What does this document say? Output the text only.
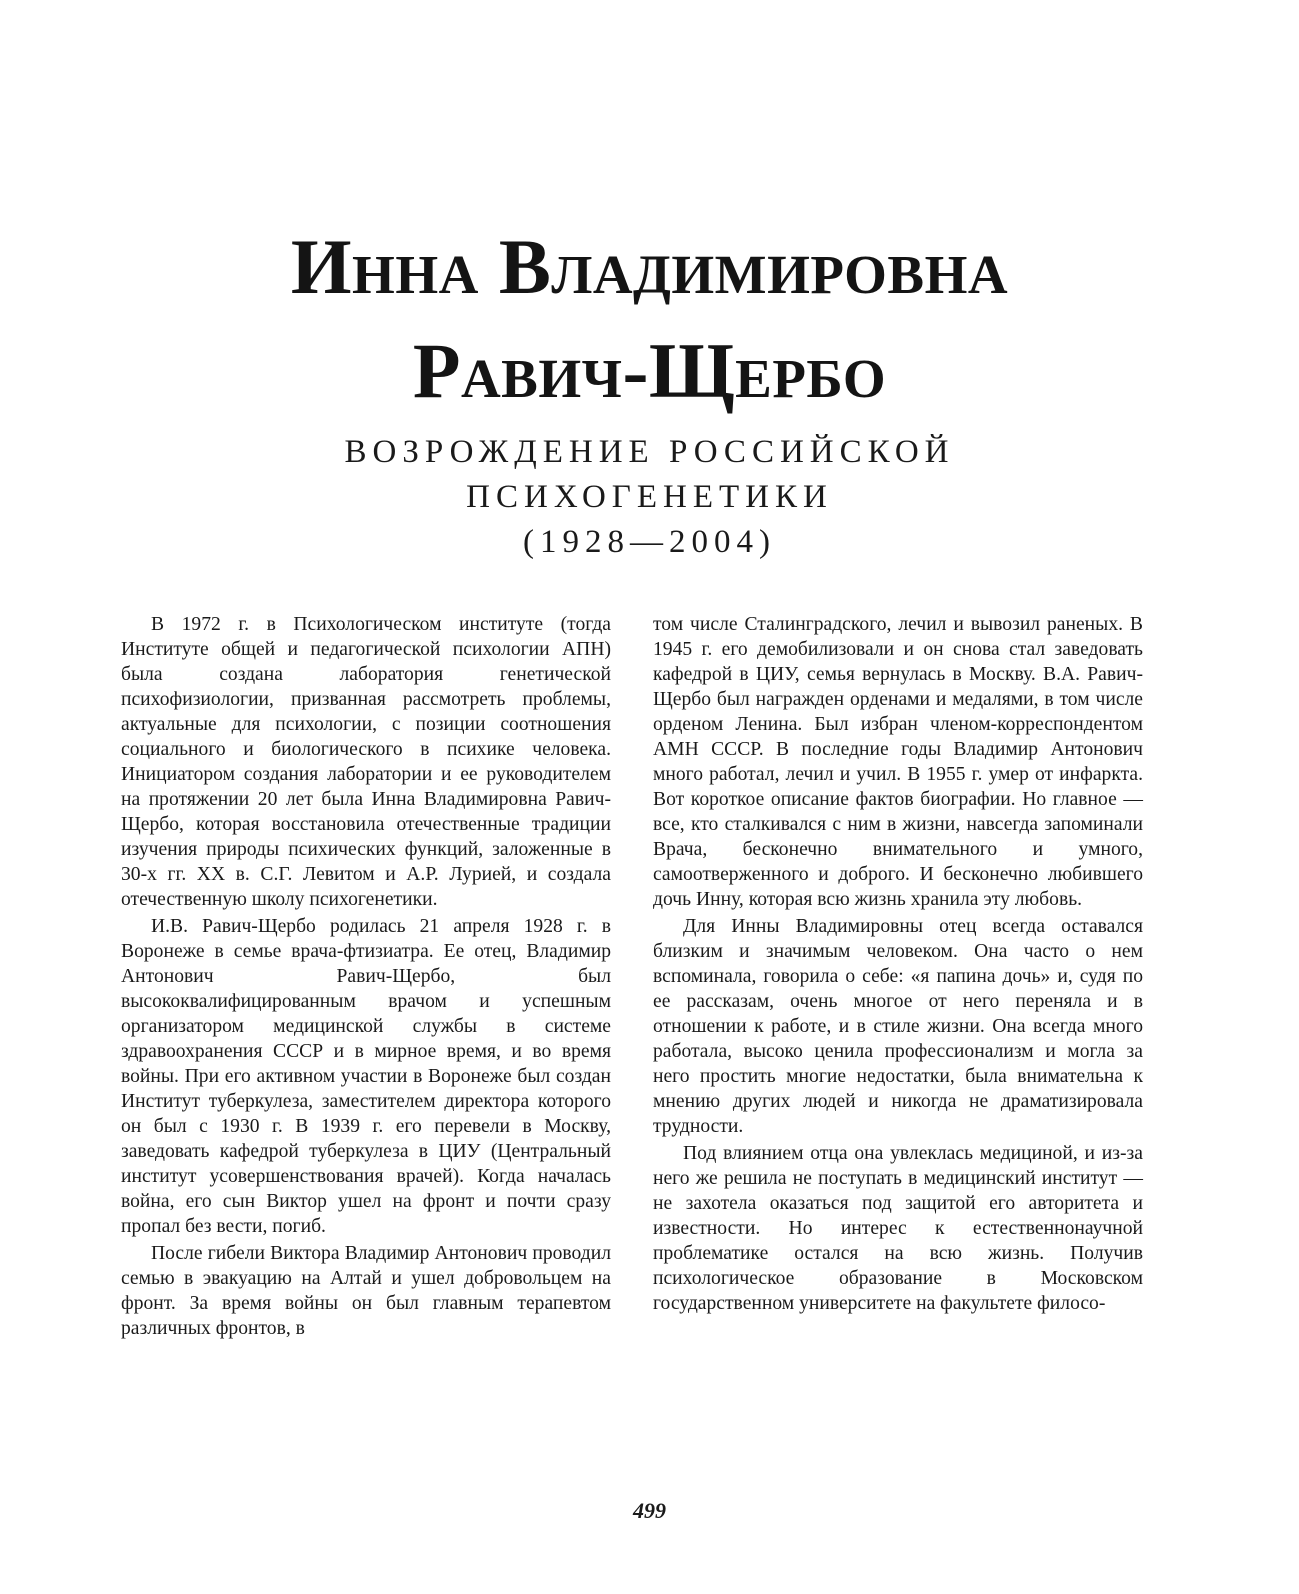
Инна Владимировна
Равич-Щербо
ВОЗРОЖДЕНИЕ РОССИЙСКОЙ
ПСИХОГЕНЕТИКИ
(1928—2004)

В 1972 г. в Психологическом институте (тогда Институте общей и педагогической психологии АПН) была создана лаборатория генетической психофизиологии, призванная рассмотреть проблемы, актуальные для психологии, с позиции соотношения социального и биологического в психике человека. Инициатором создания лаборатории и ее руководителем на протяжении 20 лет была Инна Владимировна Равич-Щербо, которая восстановила отечественные традиции изучения природы психических функций, заложенные в 30-х гг. XX в. С.Г. Левитом и А.Р. Лурией, и создала отечественную школу психогенетики.

И.В. Равич-Щербо родилась 21 апреля 1928 г. в Воронеже в семье врача-фтизиатра. Ее отец, Владимир Антонович Равич-Щербо, был высококвалифицированным врачом и успешным организатором медицинской службы в системе здравоохранения СССР и в мирное время, и во время войны. При его активном участии в Воронеже был создан Институт туберкулеза, заместителем директора которого он был с 1930 г. В 1939 г. его перевели в Москву, заведовать кафедрой туберкулеза в ЦИУ (Центральный институт усовершенствования врачей). Когда началась война, его сын Виктор ушел на фронт и почти сразу пропал без вести, погиб.

После гибели Виктора Владимир Антонович проводил семью в эвакуацию на Алтай и ушел добровольцем на фронт. За время войны он был главным терапевтом различных фронтов, в

том числе Сталинградского, лечил и вывозил раненых. В 1945 г. его демобилизовали и он снова стал заведовать кафедрой в ЦИУ, семья вернулась в Москву. В.А. Равич-Щербо был награжден орденами и медалями, в том числе орденом Ленина. Был избран членом-корреспондентом АМН СССР. В последние годы Владимир Антонович много работал, лечил и учил. В 1955 г. умер от инфаркта. Вот короткое описание фактов биографии. Но главное — все, кто сталкивался с ним в жизни, навсегда запоминали Врача, бесконечно внимательного и умного, самоотверженного и доброго. И бесконечно любившего дочь Инну, которая всю жизнь хранила эту любовь.

Для Инны Владимировны отец всегда оставался близким и значимым человеком. Она часто о нем вспоминала, говорила о себе: «я папина дочь» и, судя по ее рассказам, очень многое от него переняла и в отношении к работе, и в стиле жизни. Она всегда много работала, высоко ценила профессионализм и могла за него простить многие недостатки, была внимательна к мнению других людей и никогда не драматизировала трудности.

Под влиянием отца она увлеклась медициной, и из-за него же решила не поступать в медицинский институт — не захотела оказаться под защитой его авторитета и известности. Но интерес к естественнонаучной проблематике остался на всю жизнь. Получив психологическое образование в Московском государственном университете на факультете филосо-

499
